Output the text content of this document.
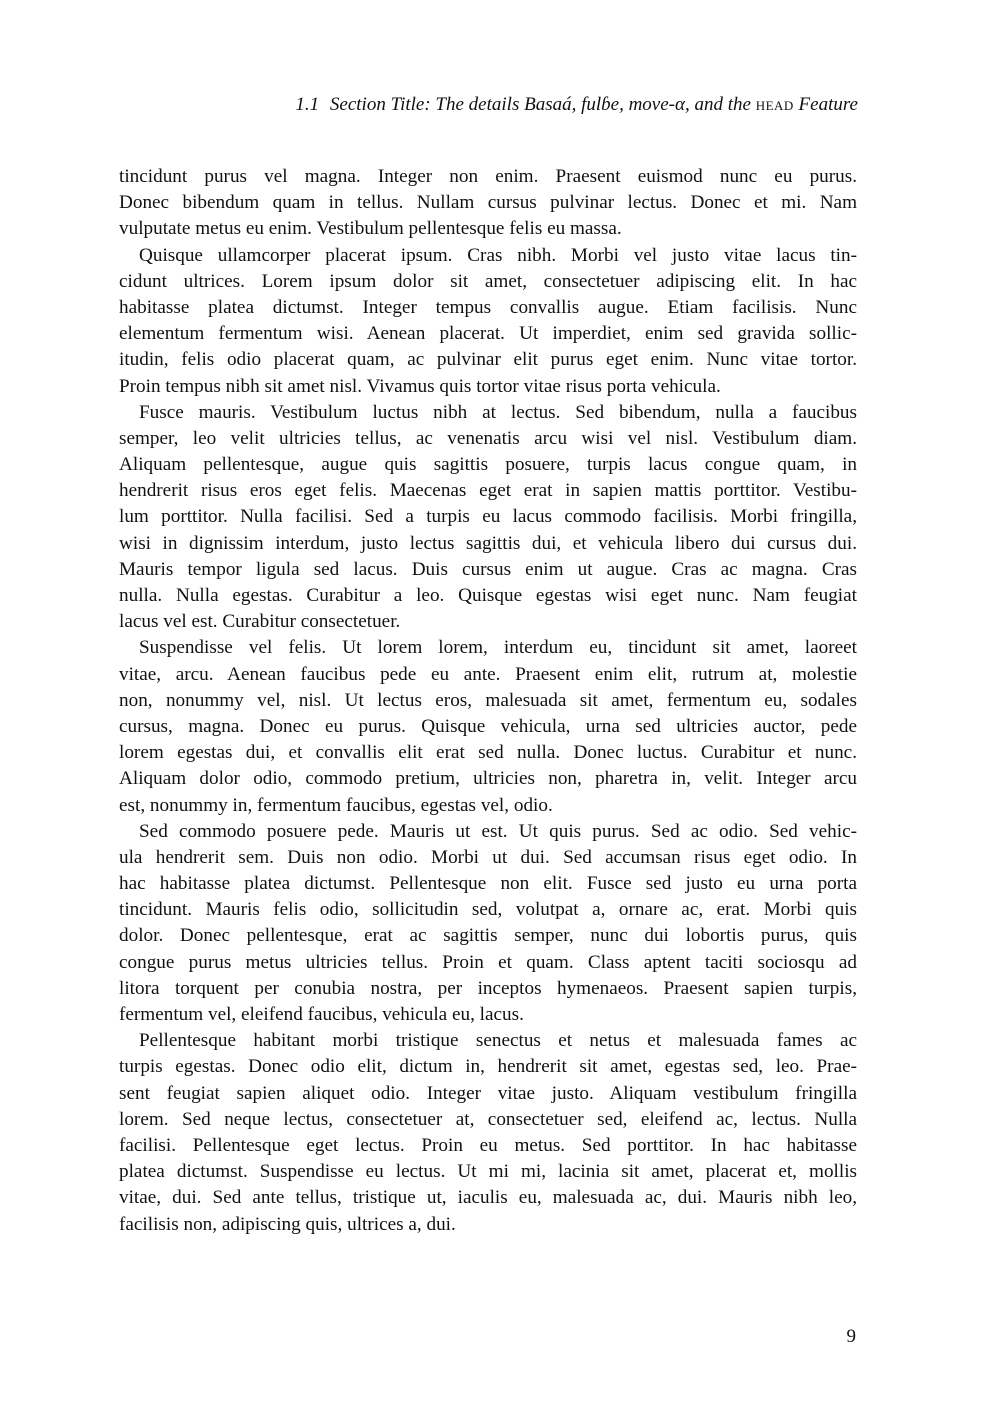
1.1 Section Title: The details Basaá, fulɓe, move-α, and the head Feature
tincidunt purus vel magna. Integer non enim. Praesent euismod nunc eu purus.
Donec bibendum quam in tellus. Nullam cursus pulvinar lectus. Donec et mi. Nam
vulputate metus eu enim. Vestibulum pellentesque felis eu massa.
Quisque ullamcorper placerat ipsum. Cras nibh. Morbi vel justo vitae lacus tin-
cidunt ultrices. Lorem ipsum dolor sit amet, consectetuer adipiscing elit. In hac
habitasse platea dictumst. Integer tempus convallis augue. Etiam facilisis. Nunc
elementum fermentum wisi. Aenean placerat. Ut imperdiet, enim sed gravida sollic-
itudin, felis odio placerat quam, ac pulvinar elit purus eget enim. Nunc vitae tortor.
Proin tempus nibh sit amet nisl. Vivamus quis tortor vitae risus porta vehicula.
Fusce mauris. Vestibulum luctus nibh at lectus. Sed bibendum, nulla a faucibus
semper, leo velit ultricies tellus, ac venenatis arcu wisi vel nisl. Vestibulum diam.
Aliquam pellentesque, augue quis sagittis posuere, turpis lacus congue quam, in
hendrerit risus eros eget felis. Maecenas eget erat in sapien mattis porttitor. Vestibu-
lum porttitor. Nulla facilisi. Sed a turpis eu lacus commodo facilisis. Morbi fringilla,
wisi in dignissim interdum, justo lectus sagittis dui, et vehicula libero dui cursus dui.
Mauris tempor ligula sed lacus. Duis cursus enim ut augue. Cras ac magna. Cras
nulla. Nulla egestas. Curabitur a leo. Quisque egestas wisi eget nunc. Nam feugiat
lacus vel est. Curabitur consectetuer.
Suspendisse vel felis. Ut lorem lorem, interdum eu, tincidunt sit amet, laoreet
vitae, arcu. Aenean faucibus pede eu ante. Praesent enim elit, rutrum at, molestie
non, nonummy vel, nisl. Ut lectus eros, malesuada sit amet, fermentum eu, sodales
cursus, magna. Donec eu purus. Quisque vehicula, urna sed ultricies auctor, pede
lorem egestas dui, et convallis elit erat sed nulla. Donec luctus. Curabitur et nunc.
Aliquam dolor odio, commodo pretium, ultricies non, pharetra in, velit. Integer arcu
est, nonummy in, fermentum faucibus, egestas vel, odio.
Sed commodo posuere pede. Mauris ut est. Ut quis purus. Sed ac odio. Sed vehic-
ula hendrerit sem. Duis non odio. Morbi ut dui. Sed accumsan risus eget odio. In
hac habitasse platea dictumst. Pellentesque non elit. Fusce sed justo eu urna porta
tincidunt. Mauris felis odio, sollicitudin sed, volutpat a, ornare ac, erat. Morbi quis
dolor. Donec pellentesque, erat ac sagittis semper, nunc dui lobortis purus, quis
congue purus metus ultricies tellus. Proin et quam. Class aptent taciti sociosqu ad
litora torquent per conubia nostra, per inceptos hymenaeos. Praesent sapien turpis,
fermentum vel, eleifend faucibus, vehicula eu, lacus.
Pellentesque habitant morbi tristique senectus et netus et malesuada fames ac
turpis egestas. Donec odio elit, dictum in, hendrerit sit amet, egestas sed, leo. Prae-
sent feugiat sapien aliquet odio. Integer vitae justo. Aliquam vestibulum fringilla
lorem. Sed neque lectus, consectetuer at, consectetuer sed, eleifend ac, lectus. Nulla
facilisi. Pellentesque eget lectus. Proin eu metus. Sed porttitor. In hac habitasse
platea dictumst. Suspendisse eu lectus. Ut mi mi, lacinia sit amet, placerat et, mollis
vitae, dui. Sed ante tellus, tristique ut, iaculis eu, malesuada ac, dui. Mauris nibh leo,
facilisis non, adipiscing quis, ultrices a, dui.
9
